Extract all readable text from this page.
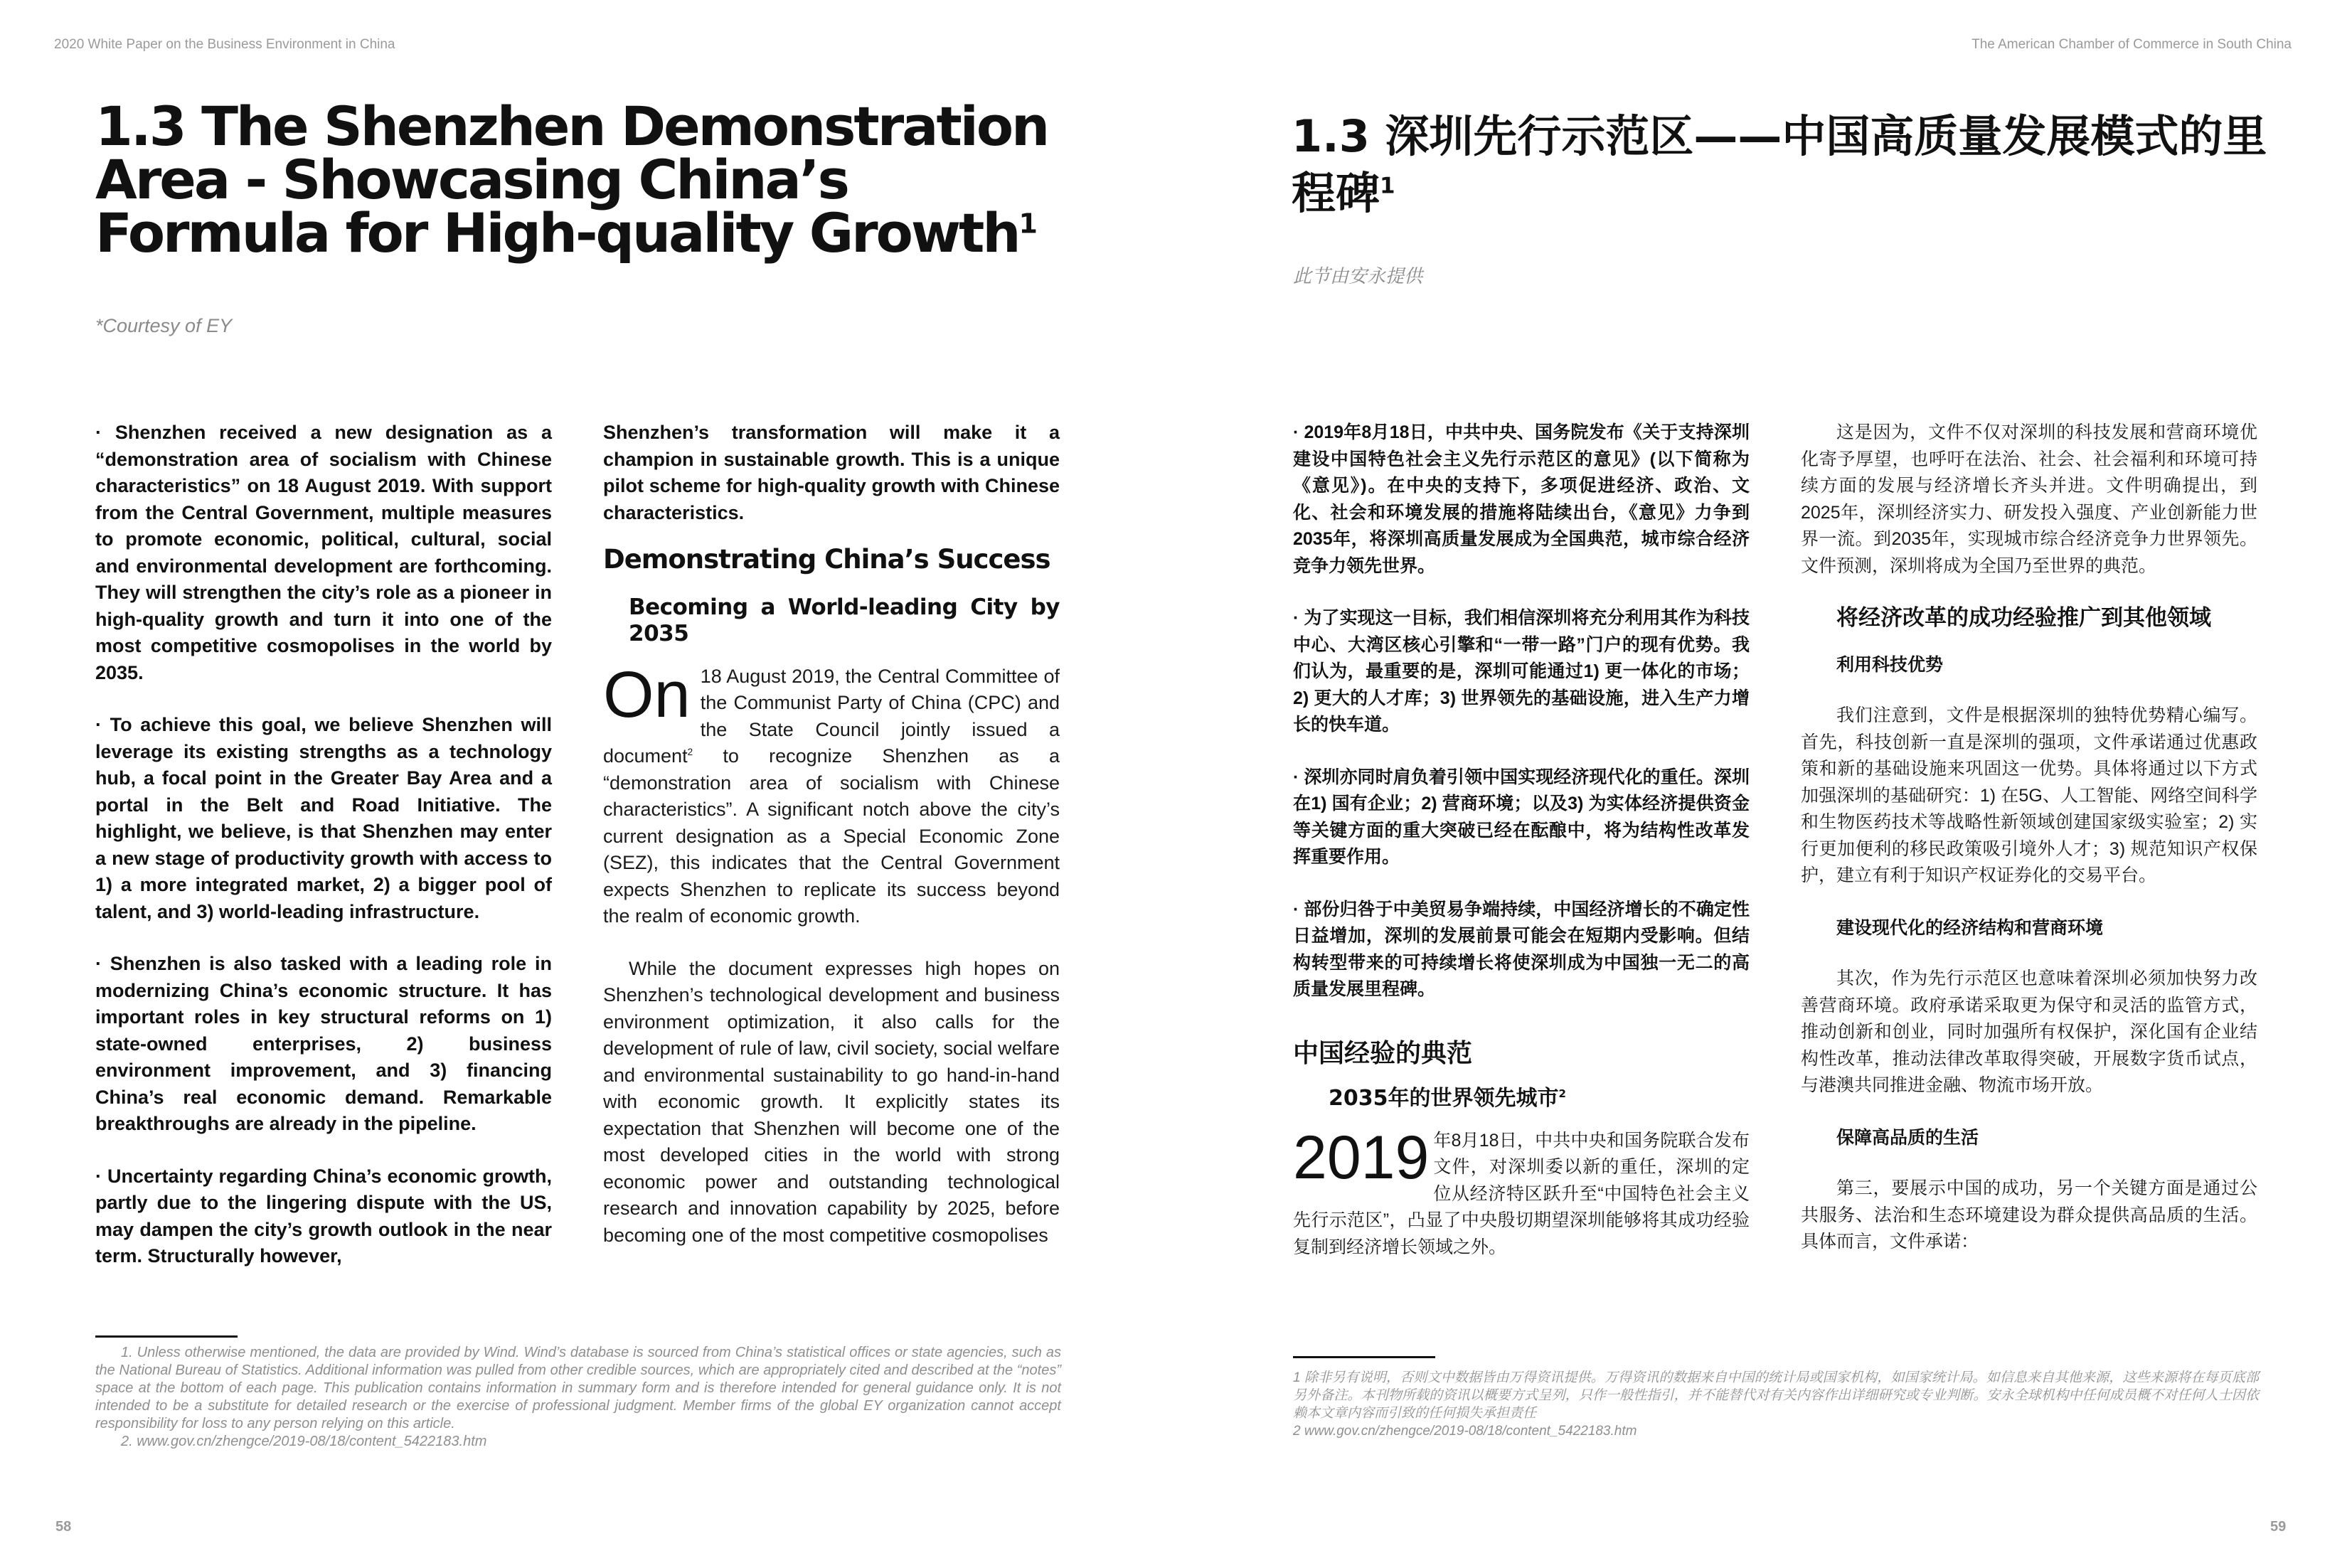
2020 White Paper on the Business Environment in China
1.3 The Shenzhen Demonstration Area - Showcasing China’s Formula for High-quality Growth$^1$
*Courtesy of EY

· Shenzhen received a new designation as a “demonstration area of socialism with Chinese characteristics” on 18 August 2019. With support from the Central Government, multiple measures to promote economic, political, cultural, social and environmental development are forthcoming. They will strengthen the city’s role as a pioneer in high-quality growth and turn it into one of the most competitive cosmopolises in the world by 2035.

· To achieve this goal, we believe Shenzhen will leverage its existing strengths as a technology hub, a focal point in the Greater Bay Area and a portal in the Belt and Road Initiative. The highlight, we believe, is that Shenzhen may enter a new stage of productivity growth with access to 1) a more integrated market, 2) a bigger pool of talent, and 3) world-leading infrastructure.

· Shenzhen is also tasked with a leading role in modernizing China’s economic structure. It has important roles in key structural reforms on 1) state-owned enterprises, 2) business environment improvement, and 3) financing China’s real economic demand. Remarkable breakthroughs are already in the pipeline.

· Uncertainty regarding China’s economic growth, partly due to the lingering dispute with the US, may dampen the city’s growth outlook in the near term. Structurally however,

Shenzhen’s transformation will make it a champion in sustainable growth. This is a unique pilot scheme for high-quality growth with Chinese characteristics.

Demonstrating China’s Success
Becoming a World-leading City by 2035

On 18 August 2019, the Central Committee of the Communist Party of China (CPC) and the State Council jointly issued a document$^2$ to recognize Shenzhen as a “demonstration area of socialism with Chinese characteristics”. A significant notch above the city’s current designation as a Special Economic Zone (SEZ), this indicates that the Central Government expects Shenzhen to replicate its success beyond the realm of economic growth.

While the document expresses high hopes on Shenzhen’s technological development and business environment optimization, it also calls for the development of rule of law, civil society, social welfare and environmental sustainability to go hand-in-hand with economic growth. It explicitly states its expectation that Shenzhen will become one of the most developed cities in the world with strong economic power and outstanding technological research and innovation capability by 2025, before becoming one of the most competitive cosmopolises

1. Unless otherwise mentioned, the data are provided by Wind. Wind’s database is sourced from China’s statistical offices or state agencies, such as the National Bureau of Statistics. Additional information was pulled from other credible sources, which are appropriately cited and described at the “notes” space at the bottom of each page. This publication contains information in summary form and is therefore intended for general guidance only. It is not intended to be a substitute for detailed research or the exercise of professional judgment. Member firms of the global EY organization cannot accept responsibility for loss to any person relying on this article.

2. www.gov.cn/zhengce/2019-08/18/content_5422183.htm

58
The American Chamber of Commerce in South China
1.3 深圳先行示范区——中国高质量发展模式的里程碑$^1$
此节由安永提供

· 2019年8月18日，中共中央、国务院发布《关于支持深圳建设中国特色社会主义先行示范区的意见》(以下简称为《意见》)。在中央的支持下，多项促进经济、政治、文化、社会和环境发展的措施将陆续出台，《意见》力争到2035年，将深圳高质量发展成为全国典范，城市综合经济竞争力领先世界。

· 为了实现这一目标，我们相信深圳将充分利用其作为科技中心、大湾区核心引擎和“一带一路”门户的现有优势。我们认为，最重要的是，深圳可能通过1) 更一体化的市场；2) 更大的人才库；3) 世界领先的基础设施，进入生产力增长的快车道。

· 深圳亦同时肩负着引领中国实现经济现代化的重任。深圳在1) 国有企业；2) 营商环境；以及3) 为实体经济提供资金等关键方面的重大突破已经在酝酿中，将为结构性改革发挥重要作用。

· 部份归咎于中美贸易争端持续，中国经济增长的不确定性日益增加，深圳的发展前景可能会在短期内受影响。但结构转型带来的可持续增长将使深圳成为中国独一无二的高质量发展里程碑。

中国经验的典范
2035年的世界领先城市$^2$

2019 年8月18日，中共中央和国务院联合发布文件，对深圳委以新的重任，深圳的定位从经济特区跃升至“中国特色社会主义先行示范区”，凸显了中央殷切期望深圳能够将其成功经验复制到经济增长领域之外。

这是因为，文件不仅对深圳的科技发展和营商环境优化寄予厚望，也呼吁在法治、社会、社会福利和环境可持续方面的发展与经济增长齐头并进。文件明确提出，到2025年，深圳经济实力、研发投入强度、产业创新能力世界一流。到2035年，实现城市综合经济竞争力世界领先。文件预测，深圳将成为全国乃至世界的典范。

将经济改革的成功经验推广到其他领域
利用科技优势

我们注意到，文件是根据深圳的独特优势精心编写。首先，科技创新一直是深圳的强项，文件承诺通过优惠政策和新的基础设施来巩固这一优势。具体将通过以下方式加强深圳的基础研究：1) 在5G、人工智能、网络空间科学和生物医药技术等战略性新领域创建国家级实验室；2) 实行更加便利的移民政策吸引境外人才；3) 规范知识产权保护，建立有利于知识产权证券化的交易平台。

建设现代化的经济结构和营商环境

其次，作为先行示范区也意味着深圳必须加快努力改善营商环境。政府承诺采取更为保守和灵活的监管方式，推动创新和创业，同时加强所有权保护，深化国有企业结构性改革，推动法律改革取得突破，开展数字货币试点，与港澳共同推进金融、物流市场开放。

保障高品质的生活

第三，要展示中国的成功，另一个关键方面是通过公共服务、法治和生态环境建设为群众提供高品质的生活。具体而言，文件承诺：

1 除非另有说明，否则文中数据皆由万得资讯提供。万得资讯的数据来自中国的统计局或国家机构，如国家统计局。如信息来自其他来源，这些来源将在每页底部另外备注。本刊物所载的资讯以概要方式呈列，只作一般性指引，并不能替代对有关内容作出详细研究或专业判断。安永全球机构中任何成员概不对任何人士因依赖本文章内容而引致的任何损失承担责任

2 www.gov.cn/zhengce/2019-08/18/content_5422183.htm

59
